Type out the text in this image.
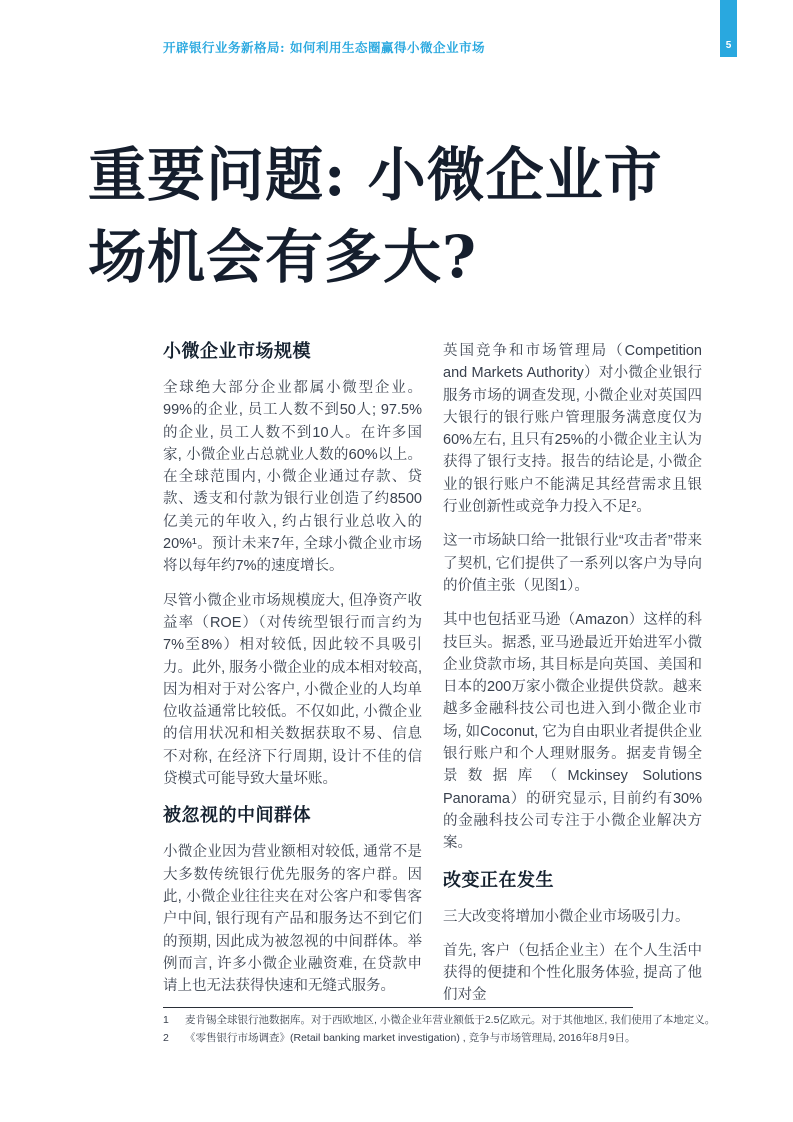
开辟银行业务新格局: 如何利用生态圈赢得小微企业市场	5
重要问题: 小微企业市
场机会有多大?
小微企业市场规模

全球绝大部分企业都属小微型企业。99%的企业, 员工人数不到50人; 97.5%的企业, 员工人数不到10人。在许多国家, 小微企业占总就业人数的60%以上。在全球范围内, 小微企业通过存款、贷款、透支和付款为银行业创造了约8500亿美元的年收入, 约占银行业总收入的20%¹。预计未来7年, 全球小微企业市场将以每年约7%的速度增长。

尽管小微企业市场规模庞大, 但净资产收益率（ROE）（对传统型银行而言约为7%至8%）相对较低, 因此较不具吸引力。此外, 服务小微企业的成本相对较高, 因为相对于对公客户, 小微企业的人均单位收益通常比较低。不仅如此, 小微企业的信用状况和相关数据获取不易、信息不对称, 在经济下行周期, 设计不佳的信贷模式可能导致大量坏账。

被忽视的中间群体

小微企业因为营业额相对较低, 通常不是大多数传统银行优先服务的客户群。因此, 小微企业往往夹在对公客户和零售客户中间, 银行现有产品和服务达不到它们的预期, 因此成为被忽视的中间群体。举例而言, 许多小微企业融资难, 在贷款申请上也无法获得快速和无缝式服务。

英国竞争和市场管理局（Competition and Markets Authority）对小微企业银行服务市场的调查发现, 小微企业对英国四大银行的银行账户管理服务满意度仅为60%左右, 且只有25%的小微企业主认为获得了银行支持。报告的结论是, 小微企业的银行账户不能满足其经营需求且银行业创新性或竞争力投入不足²。

这一市场缺口给一批银行业“攻击者”带来了契机, 它们提供了一系列以客户为导向的价值主张（见图1）。

其中也包括亚马逊（Amazon）这样的科技巨头。据悉, 亚马逊最近开始进军小微企业贷款市场, 其目标是向英国、美国和日本的200万家小微企业提供贷款。越来越多金融科技公司也进入到小微企业市场, 如Coconut, 它为自由职业者提供企业银行账户和个人理财服务。据麦肯锡全景数据库（Mckinsey Solutions Panorama）的研究显示, 目前约有30%的金融科技公司专注于小微企业解决方案。

改变正在发生

三大改变将增加小微企业市场吸引力。

首先, 客户（包括企业主）在个人生活中获得的便捷和个性化服务体验, 提高了他们对金

1	麦肯锡全球银行池数据库。对于西欧地区, 小微企业年营业额低于2.5亿欧元。对于其他地区, 我们使用了本地定义。
2	《零售银行市场调查》(Retail banking market investigation) , 竞争与市场管理局, 2016年8月9日。
